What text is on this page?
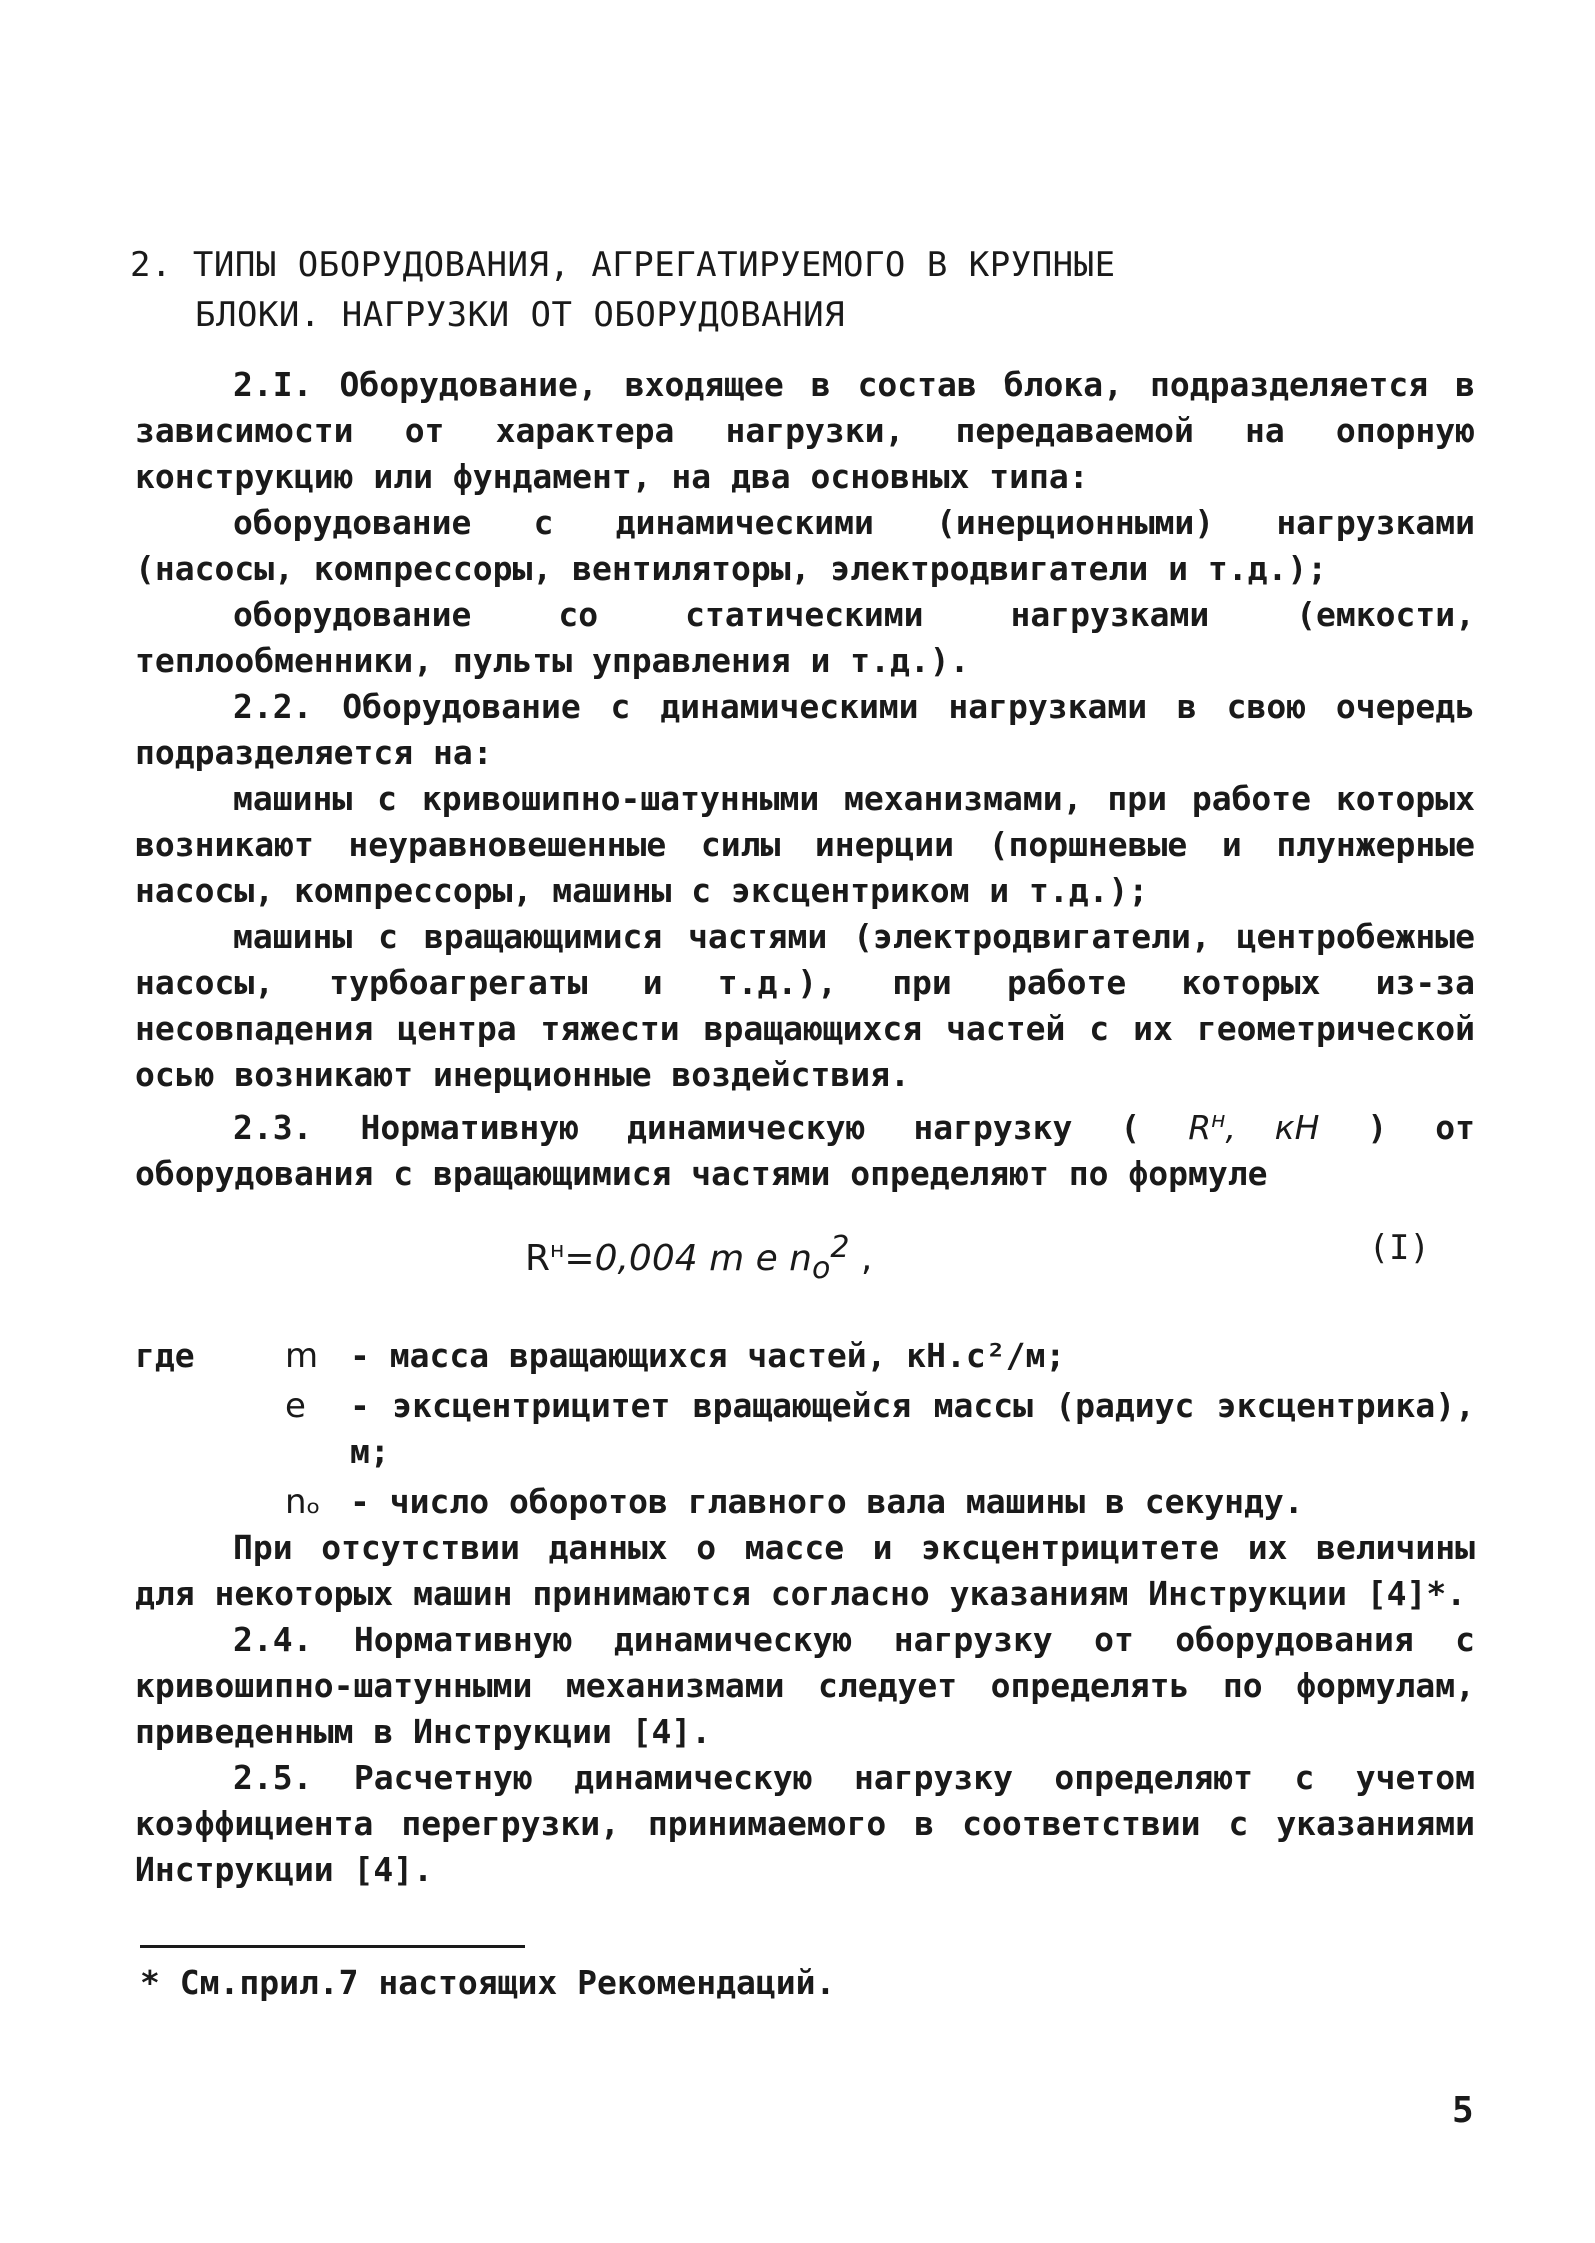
2. ТИПЫ ОБОРУДОВАНИЯ, АГРЕГАТИРУЕМОГО В КРУПНЫЕ
БЛОКИ. НАГРУЗКИ ОТ ОБОРУДОВАНИЯ

2.I. Оборудование, входящее в состав блока, подразделяется в зависимости от характера нагрузки, передаваемой на опорную конструкцию или фундамент, на два основных типа:

оборудование с динамическими (инерционными) нагрузками (насосы, компрессоры, вентиляторы, электродвигатели и т.д.);

оборудование со статическими нагрузками (емкости, теплообменники, пульты управления и т.д.).

2.2. Оборудование с динамическими нагрузками в свою очередь подразделяется на:

машины с кривошипно-шатунными механизмами, при работе которых возникают неуравновешенные силы инерции (поршневые и плунжерные насосы, компрессоры, машины с эксцентриком и т.д.);

машины с вращающимися частями (электродвигатели, центробежные насосы, турбоагрегаты и т.д.), при работе которых из-за несовпадения центра тяжести вращающихся частей с их геометрической осью возникают инерционные воздействия.

2.3. Нормативную динамическую нагрузку ( $R^н$, кН ) от оборудования с вращающимися частями определяют по формуле

$R^н=0,004$ m e $n_o^2$ ,	(I)
где	m - масса вращающихся частей, кН.с²/м;
e	- эксцентрицитет вращающейся массы (радиус эксцентрика), м;
nₒ - число оборотов главного вала машины в секунду.

При отсутствии данных о массе и эксцентрицитете их величины для некоторых машин принимаются согласно указаниям Инструкции [4]*.

2.4. Нормативную динамическую нагрузку от оборудования с кривошипно-шатунными механизмами следует определять по формулам, приведенным в Инструкции [4].

2.5. Расчетную динамическую нагрузку определяют с учетом коэффициента перегрузки, принимаемого в соответствии с указаниями Инструкции [4].

* См.прил.7 настоящих Рекомендаций.
5
